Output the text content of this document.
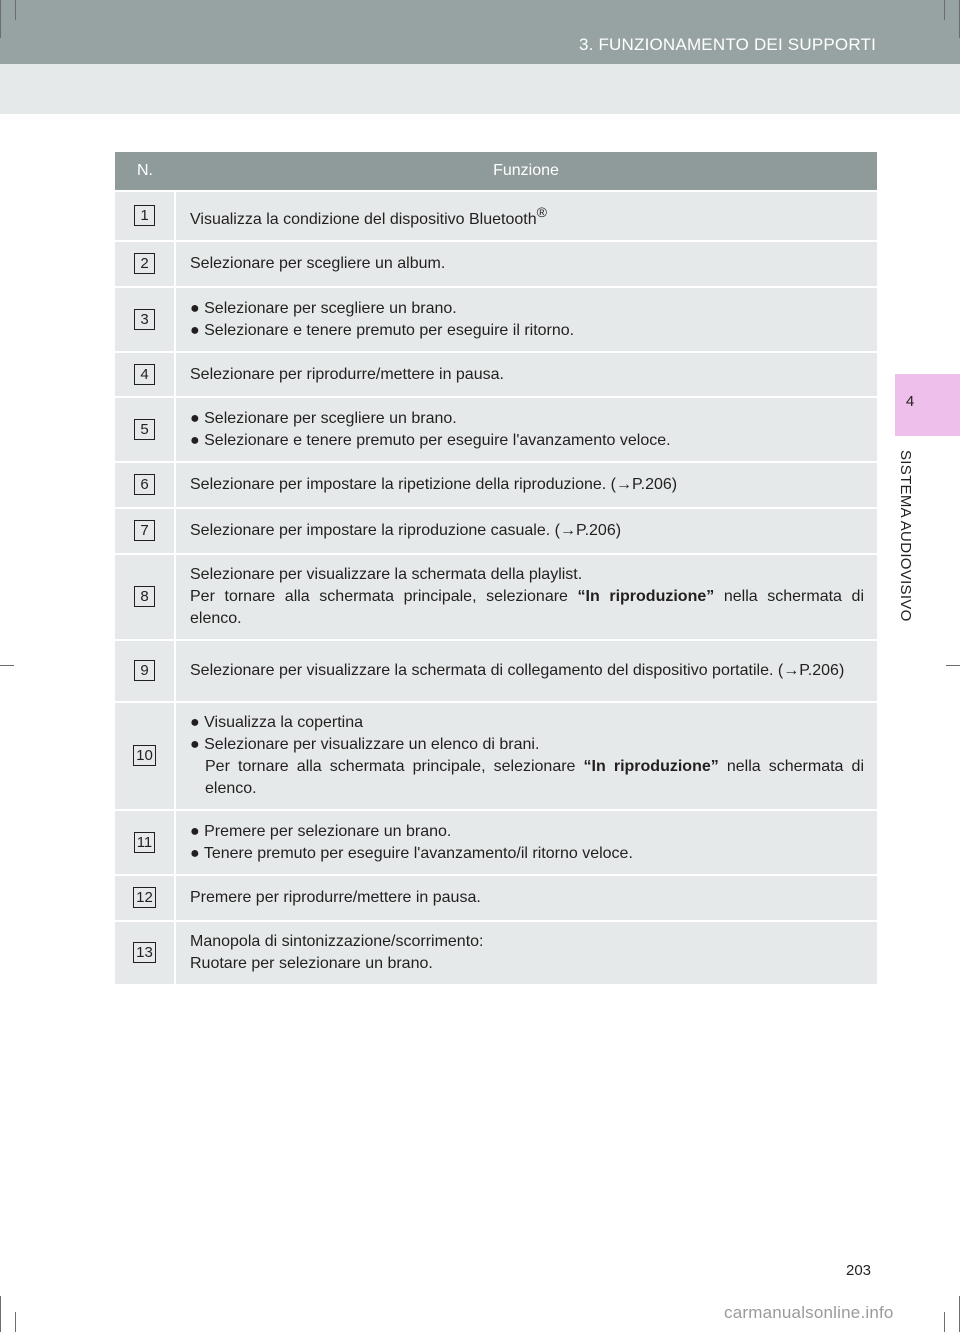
3. FUNZIONAMENTO DEI SUPPORTI
4
SISTEMA AUDIOVISIVO
N.	Funzione
1	Visualizza la condizione del dispositivo Bluetooth®
2	Selezionare per scegliere un album.
3	● Selezionare per scegliere un brano.
● Selezionare e tenere premuto per eseguire il ritorno.

4	Selezionare per riprodurre/mettere in pausa.
5	● Selezionare per scegliere un brano.
● Selezionare e tenere premuto per eseguire l'avanzamento veloce.

6	Selezionare per impostare la ripetizione della riproduzione. (→P.206)
7	Selezionare per impostare la riproduzione casuale. (→P.206)
8	Selezionare per visualizzare la schermata della playlist.
Per tornare alla schermata principale, selezionare “In riproduzione” nella schermata di elenco.
9	Selezionare per visualizzare la schermata di collegamento del dispositivo portatile. (→P.206)
10	● Visualizza la copertina
● Selezionare per visualizzare un elenco di brani.
Per tornare alla schermata principale, selezionare “In riproduzione” nella schermata di elenco.

11	● Premere per selezionare un brano.
● Tenere premuto per eseguire l'avanzamento/il ritorno veloce.

12	Premere per riprodurre/mettere in pausa.
13	Manopola di sintonizzazione/scorrimento:
Ruotare per selezionare un brano.
203
carmanualsonline.info
